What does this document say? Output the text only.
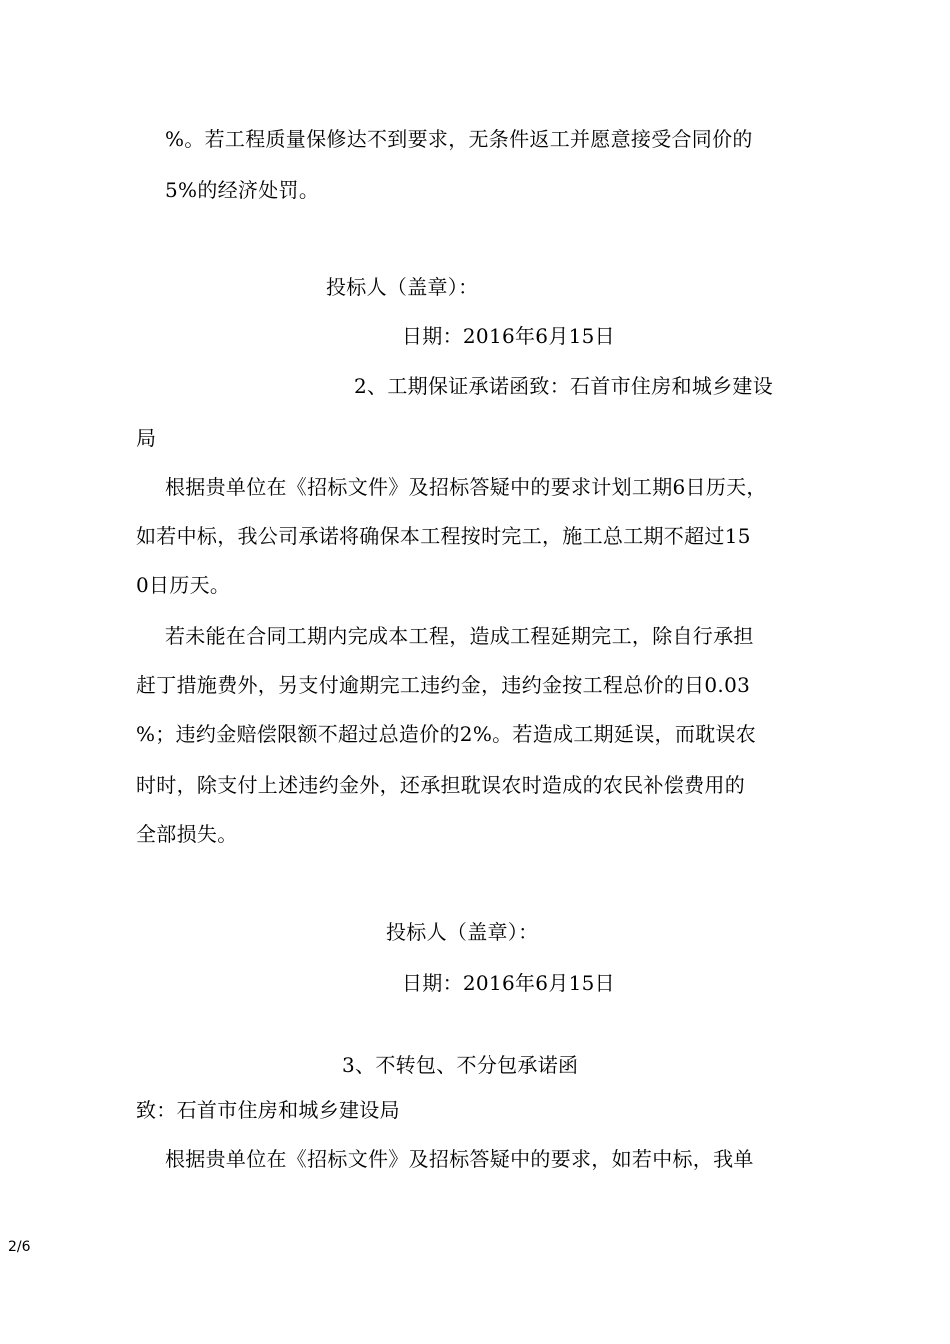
%。若工程质量保修达不到要求，无条件返工并愿意接受合同价的
5%的经济处罚。
投标人（盖章）：
日期：2016年6月15日
2、工期保证承诺函致：石首市住房和城乡建设
局
根据贵单位在《招标文件》及招标答疑中的要求计划工期6日历天，
如若中标，我公司承诺将确保本工程按时完工，施工总工期不超过15
0日历天。
若未能在合同工期内完成本工程，造成工程延期完工，除自行承担
赶丁措施费外，另支付逾期完工违约金，违约金按工程总价的日0.03
%；违约金赔偿限额不超过总造价的2%。若造成工期延误，而耽误农
时时，除支付上述违约金外，还承担耽误农时造成的农民补偿费用的
全部损失。
投标人（盖章）：
日期：2016年6月15日
3、不转包、不分包承诺函
致：石首市住房和城乡建设局
根据贵单位在《招标文件》及招标答疑中的要求，如若中标，我单
2/6
